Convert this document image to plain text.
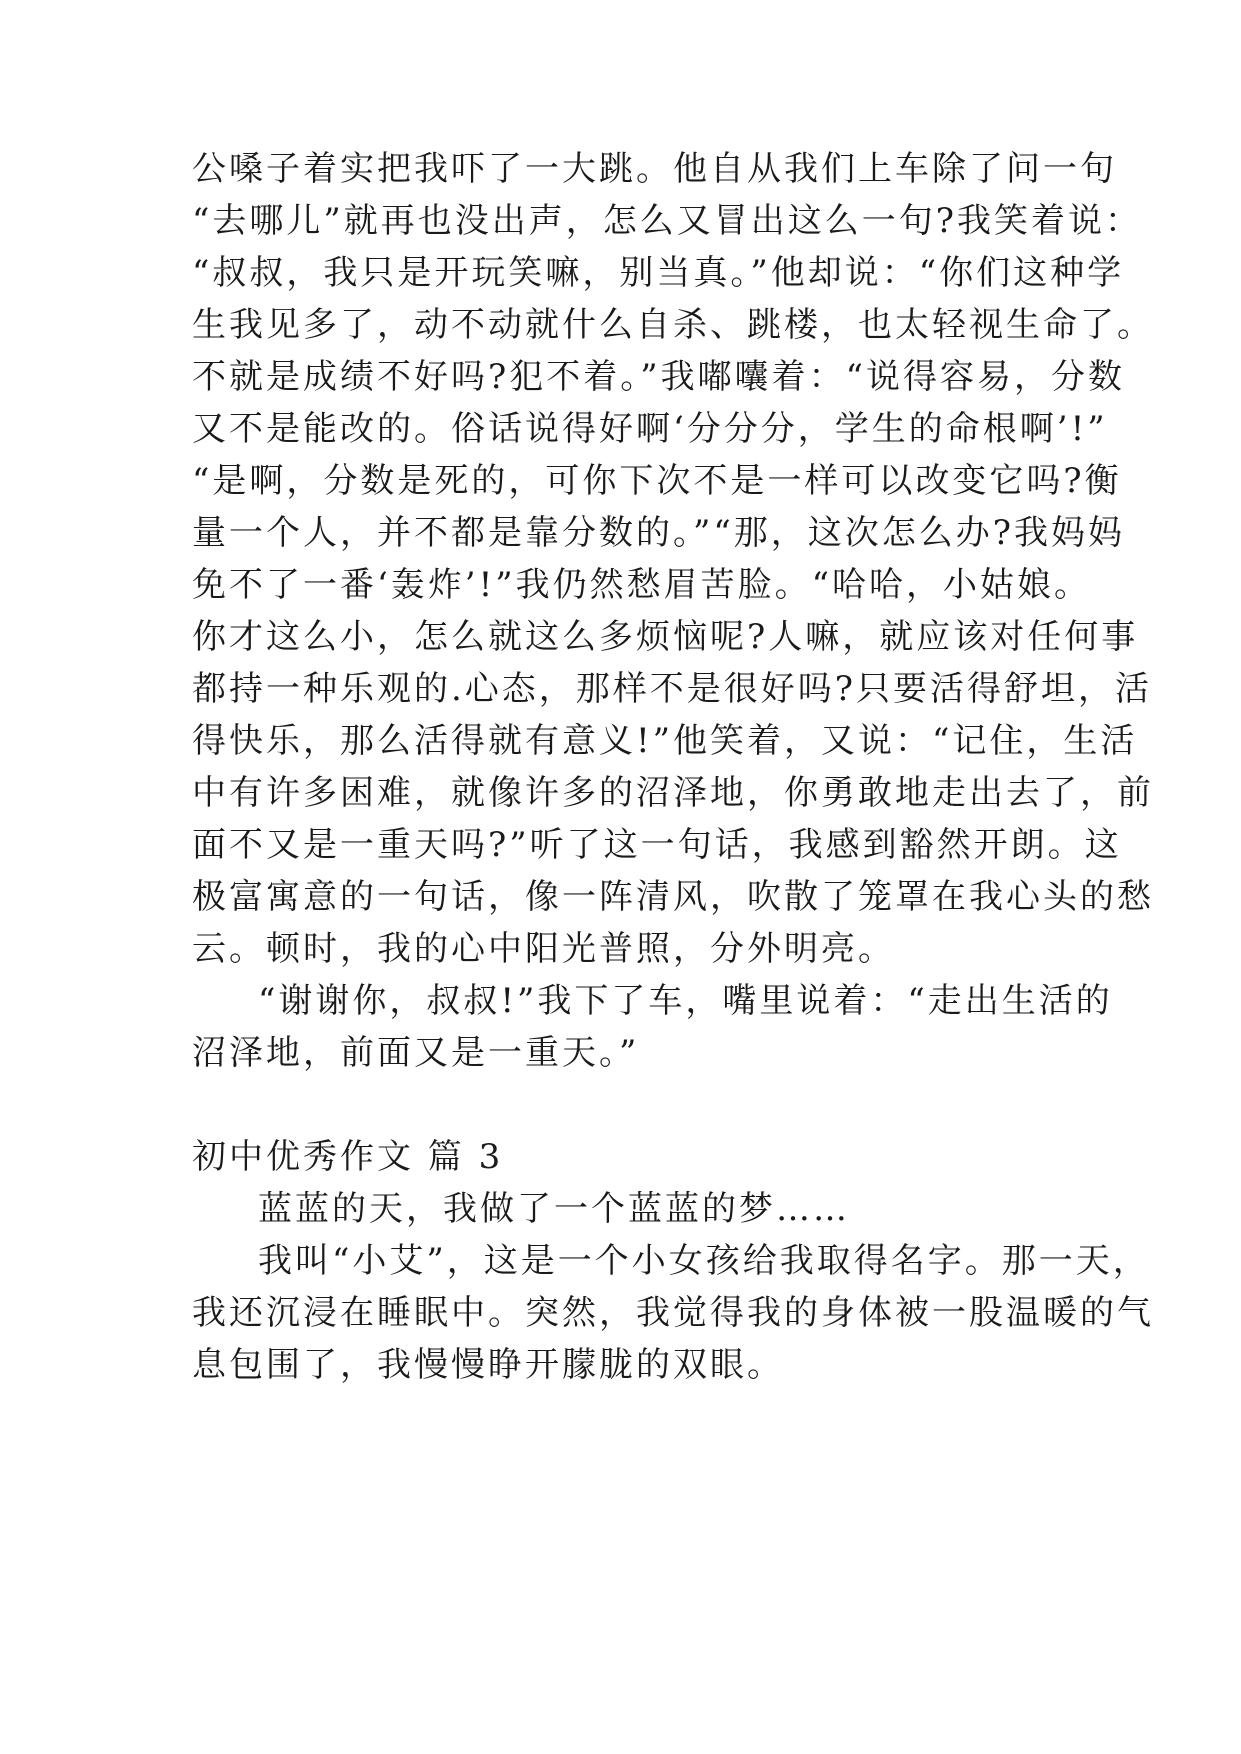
公嗓子着实把我吓了一大跳。他自从我们上车除了问一句
“去哪儿”就再也没出声，怎么又冒出这么一句?我笑着说：
“叔叔，我只是开玩笑嘛，别当真。”他却说：“你们这种学
生我见多了，动不动就什么自杀、跳楼，也太轻视生命了。
不就是成绩不好吗?犯不着。”我嘟囔着：“说得容易，分数
又不是能改的。俗话说得好啊‘分分分，学生的命根啊’!”
“是啊，分数是死的，可你下次不是一样可以改变它吗?衡
量一个人，并不都是靠分数的。”“那，这次怎么办?我妈妈
免不了一番‘轰炸’!”我仍然愁眉苦脸。“哈哈，小姑娘。
你才这么小，怎么就这么多烦恼呢?人嘛，就应该对任何事
都持一种乐观的.心态，那样不是很好吗?只要活得舒坦，活
得快乐，那么活得就有意义!”他笑着，又说：“记住，生活
中有许多困难，就像许多的沼泽地，你勇敢地走出去了，前
面不又是一重天吗?”听了这一句话，我感到豁然开朗。这
极富寓意的一句话，像一阵清风，吹散了笼罩在我心头的愁
云。顿时，我的心中阳光普照，分外明亮。
“谢谢你，叔叔!”我下了车，嘴里说着：“走出生活的
沼泽地，前面又是一重天。”
初中优秀作文 篇 3
蓝蓝的天，我做了一个蓝蓝的梦……
我叫“小艾”，这是一个小女孩给我取得名字。那一天，
我还沉浸在睡眠中。突然，我觉得我的身体被一股温暖的气
息包围了，我慢慢睁开朦胧的双眼。
